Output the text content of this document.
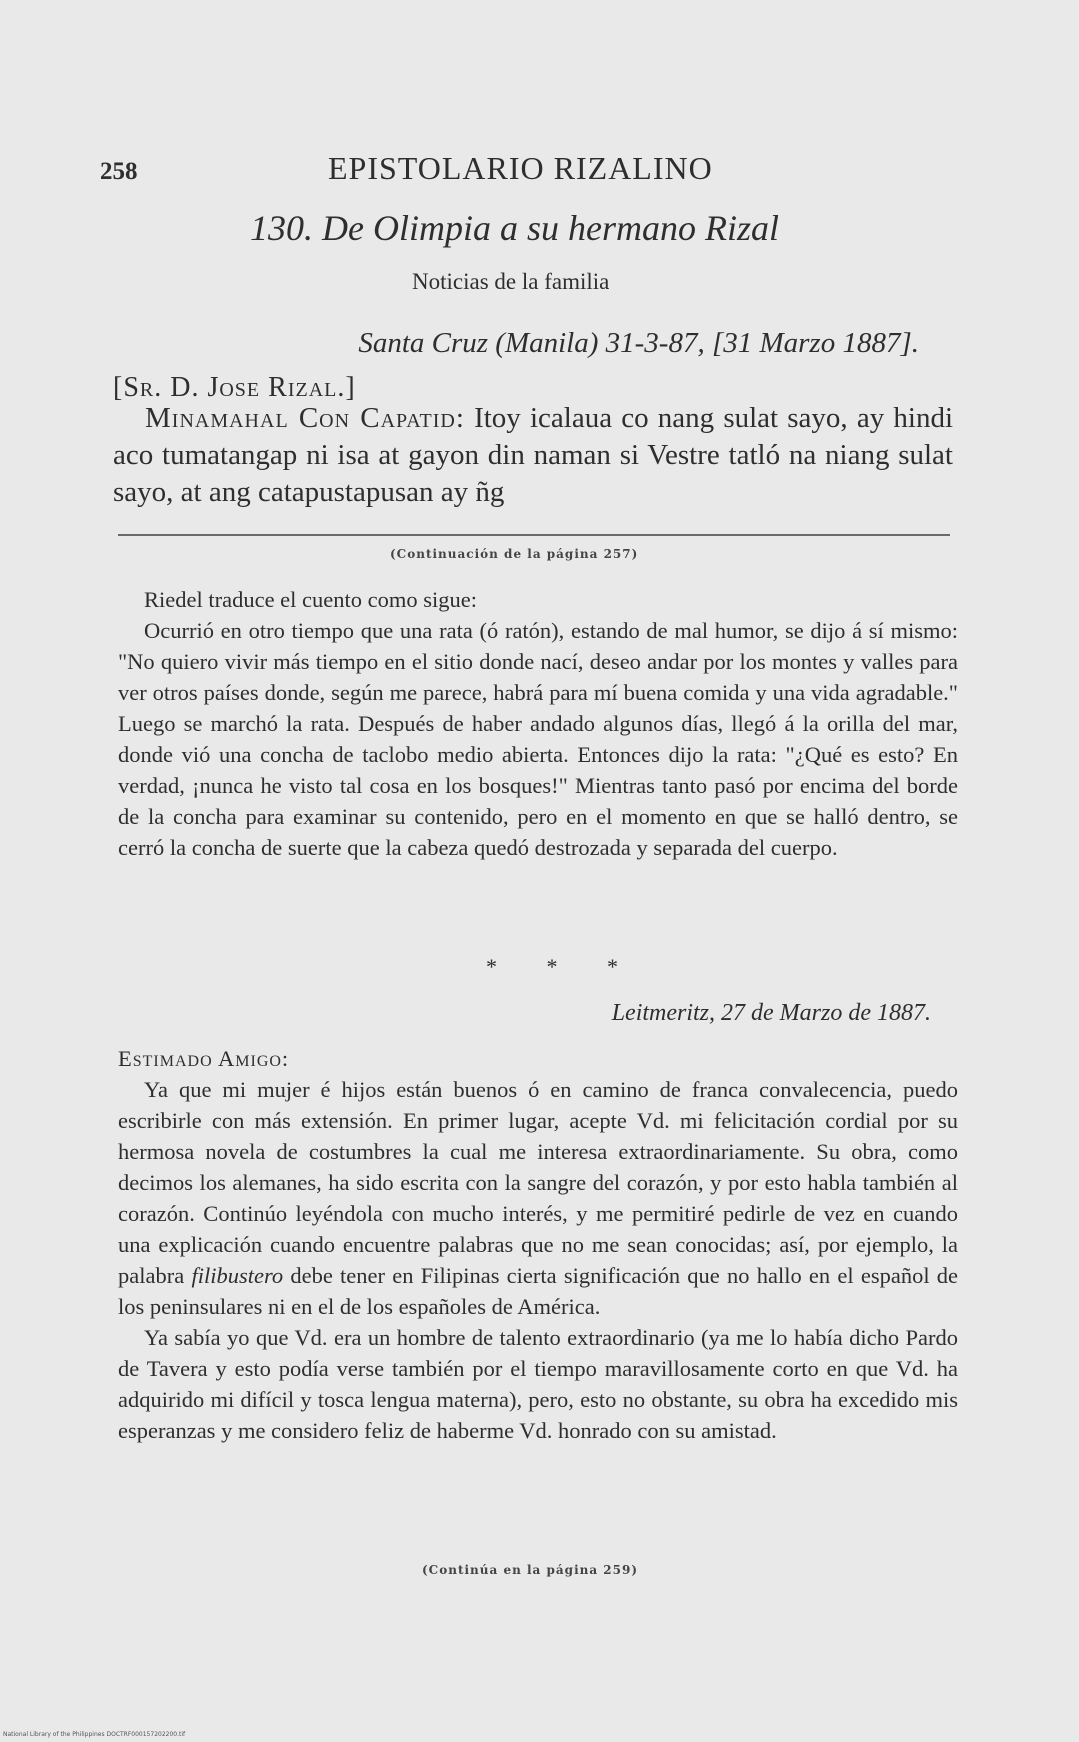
258	EPISTOLARIO RIZALINO
130. De Olimpia a su hermano Rizal
Noticias de la familia
Santa Cruz (Manila) 31-3-87, [31 Marzo 1887].
[Sr. D. Jose Rizal.]

Minamahal Con Capatid: Itoy icalaua co nang sulat sayo, ay hindi aco tumatangap ni isa at gayon din naman si Vestre tatló na niang sulat sayo, at ang catapustapusan ay ñg

(Continuación de la página 257)

Riedel traduce el cuento como sigue:

Ocurrió en otro tiempo que una rata (ó ratón), estando de mal humor, se dijo á sí mismo: "No quiero vivir más tiempo en el sitio donde nací, deseo andar por los montes y valles para ver otros países donde, según me parece, habrá para mí buena comida y una vida agradable." Luego se marchó la rata. Después de haber andado algunos días, llegó á la orilla del mar, donde vió una concha de taclobo medio abierta. Entonces dijo la rata: "¿Qué es esto? En verdad, ¡nunca he visto tal cosa en los bosques!" Mientras tanto pasó por encima del borde de la concha para examinar su contenido, pero en el momento en que se halló dentro, se cerró la concha de suerte que la cabeza quedó destrozada y separada del cuerpo.

* * *
Leitmeritz, 27 de Marzo de 1887.

Estimado Amigo:

Ya que mi mujer é hijos están buenos ó en camino de franca convalecencia, puedo escribirle con más extensión. En primer lugar, acepte Vd. mi felicitación cordial por su hermosa novela de costumbres la cual me interesa extraordinariamente. Su obra, como decimos los alemanes, ha sido escrita con la sangre del corazón, y por esto habla también al corazón. Continúo leyéndola con mucho interés, y me permitiré pedirle de vez en cuando una explicación cuando encuentre palabras que no me sean conocidas; así, por ejemplo, la palabra filibustero debe tener en Filipinas cierta significación que no hallo en el español de los peninsulares ni en el de los españoles de América.

Ya sabía yo que Vd. era un hombre de talento extraordinario (ya me lo había dicho Pardo de Tavera y esto podía verse también por el tiempo maravillosamente corto en que Vd. ha adquirido mi difícil y tosca lengua materna), pero, esto no obstante, su obra ha excedido mis esperanzas y me considero feliz de haberme Vd. honrado con su amistad.

(Continúa en la página 259)
National Library of the Philippines DOCTRF000157202200.tif
